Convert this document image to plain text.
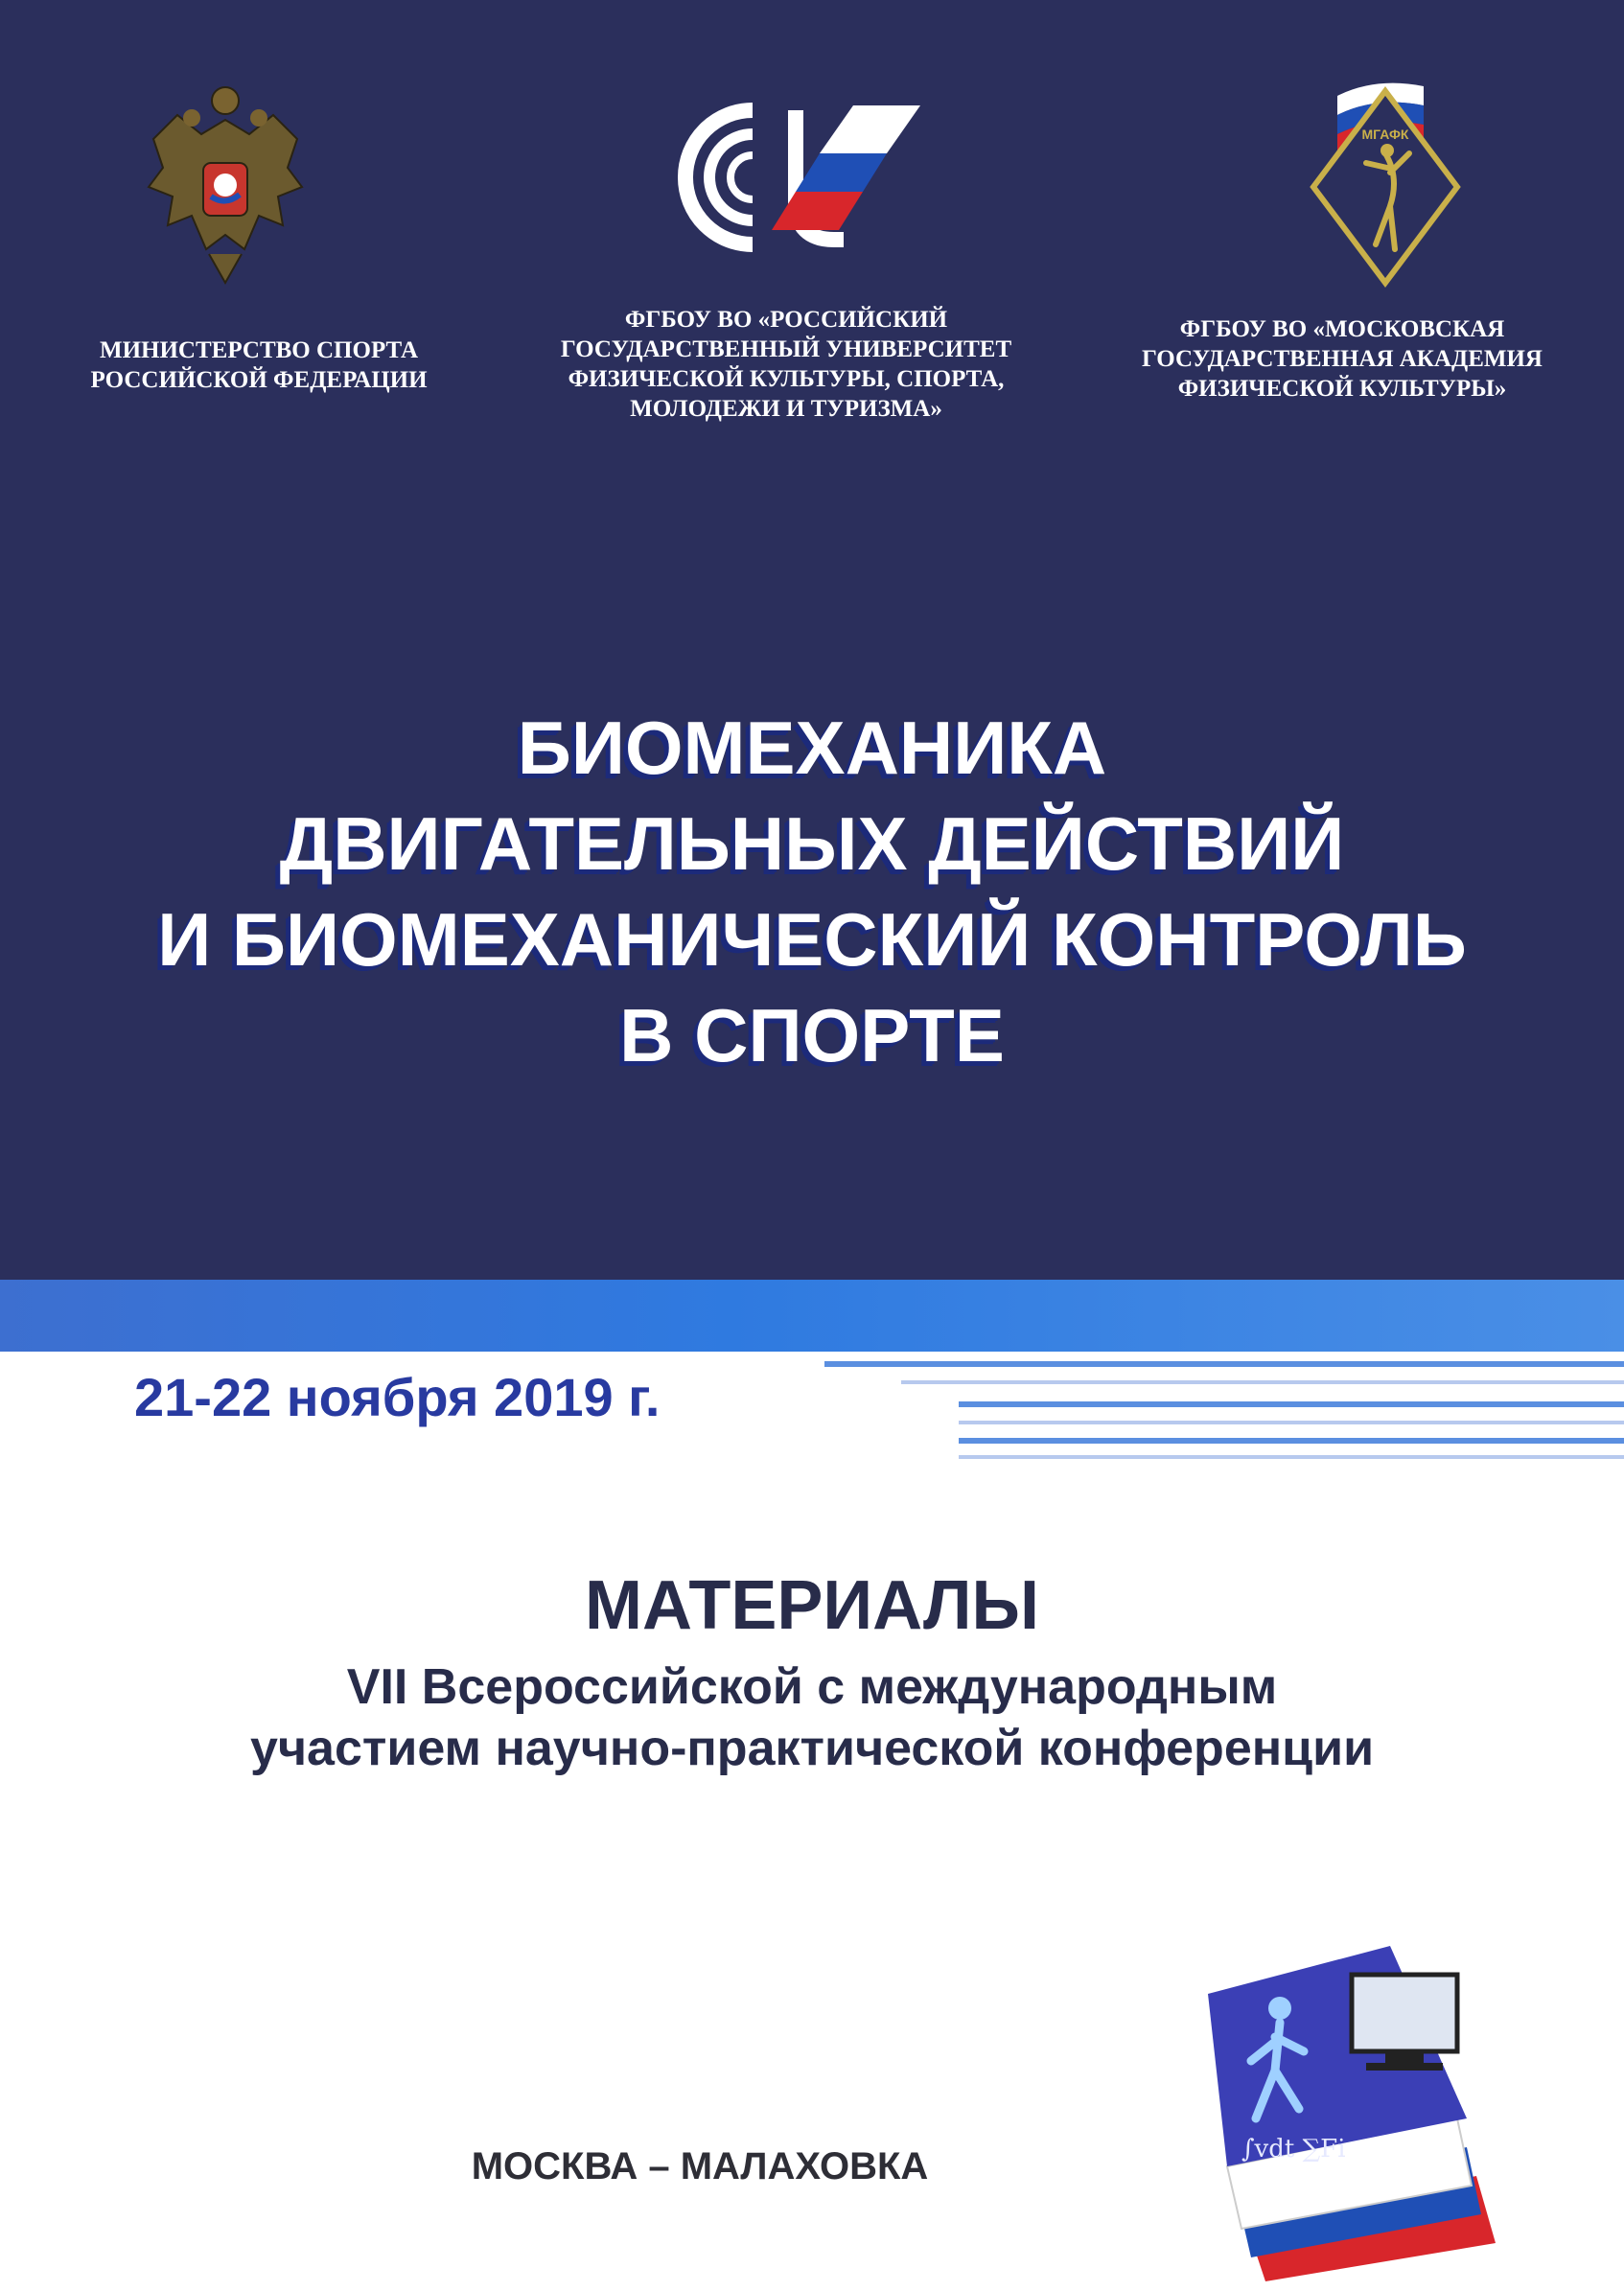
МГАФК
МИНИСТЕРСТВО СПОРТА
РОССИЙСКОЙ ФЕДЕРАЦИИ
ФГБОУ ВО «РОССИЙСКИЙ
ГОСУДАРСТВЕННЫЙ УНИВЕРСИТЕТ
ФИЗИЧЕСКОЙ КУЛЬТУРЫ, СПОРТА,
МОЛОДЕЖИ И ТУРИЗМА»
ФГБОУ ВО «МОСКОВСКАЯ
ГОСУДАРСТВЕННАЯ АКАДЕМИЯ
ФИЗИЧЕСКОЙ КУЛЬТУРЫ»
БИОМЕХАНИКА
ДВИГАТЕЛЬНЫХ ДЕЙСТВИЙ
И БИОМЕХАНИЧЕСКИЙ КОНТРОЛЬ
В СПОРТЕ
21-22 ноября 2019 г.
МАТЕРИАЛЫ
VII Всероссийской с международным
участием научно-практической конференции
∫vdt ∑Fi
МОСКВА – МАЛАХОВКА
